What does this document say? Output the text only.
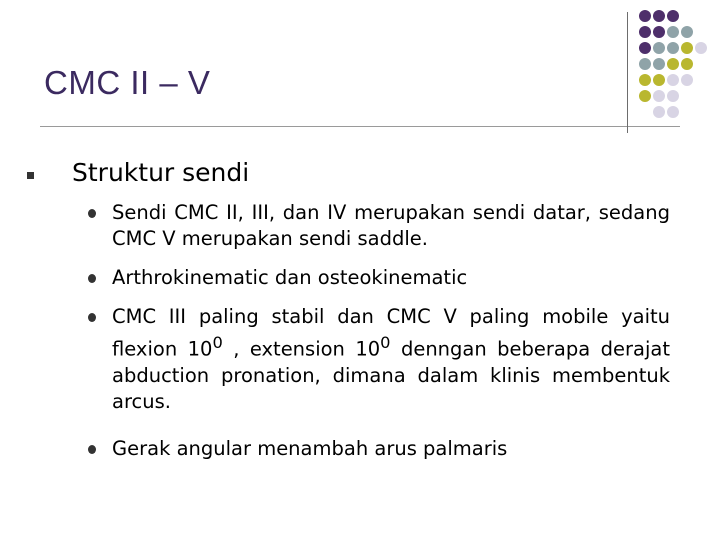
CMC II – V
Struktur sendi
Sendi CMC II, III, dan IV merupakan sendi datar, sedang CMC V merupakan sendi saddle.
Arthrokinematic dan osteokinematic
CMC III paling stabil dan CMC V paling mobile yaitu flexion $10^0$ , extension $10^0$ denngan beberapa derajat abduction pronation, dimana dalam klinis membentuk arcus.
Gerak angular menambah arus palmaris
